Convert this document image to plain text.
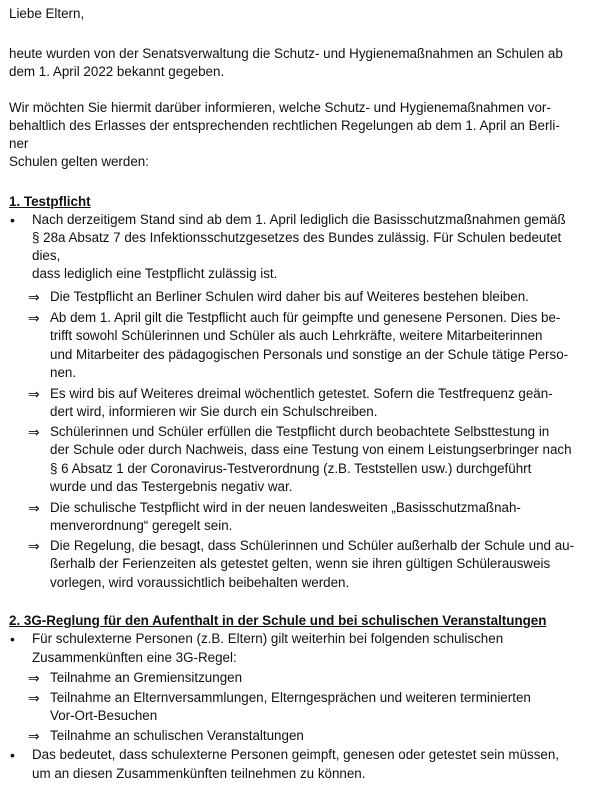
Liebe Eltern,
heute wurden von der Senatsverwaltung die Schutz- und Hygienemaßnahmen an Schulen ab
dem 1. April 2022 bekannt gegeben.
Wir möchten Sie hiermit darüber informieren, welche Schutz- und Hygienemaßnahmen vor-
behaltlich des Erlasses der entsprechenden rechtlichen Regelungen ab dem 1. April an Berli-
ner
Schulen gelten werden:
1. Testpflicht
• Nach derzeitigem Stand sind ab dem 1. April lediglich die Basisschutzmaßnahmen gemäß
§ 28a Absatz 7 des Infektionsschutzgesetzes des Bundes zulässig. Für Schulen bedeutet
dies,
dass lediglich eine Testpflicht zulässig ist.
⇒ Die Testpflicht an Berliner Schulen wird daher bis auf Weiteres bestehen bleiben.
⇒ Ab dem 1. April gilt die Testpflicht auch für geimpfte und genesene Personen. Dies be-
trifft sowohl Schülerinnen und Schüler als auch Lehrkräfte, weitere Mitarbeiterinnen
und Mitarbeiter des pädagogischen Personals und sonstige an der Schule tätige Perso-
nen.
⇒ Es wird bis auf Weiteres dreimal wöchentlich getestet. Sofern die Testfrequenz geän-
dert wird, informieren wir Sie durch ein Schulschreiben.
⇒ Schülerinnen und Schüler erfüllen die Testpflicht durch beobachtete Selbsttestung in
der Schule oder durch Nachweis, dass eine Testung von einem Leistungserbringer nach
§ 6 Absatz 1 der Coronavirus-Testverordnung (z.B. Teststellen usw.) durchgeführt
wurde und das Testergebnis negativ war.
⇒ Die schulische Testpflicht wird in der neuen landesweiten „Basisschutzmaßnah-
menverordnung“ geregelt sein.
⇒ Die Regelung, die besagt, dass Schülerinnen und Schüler außerhalb der Schule und au-
ßerhalb der Ferienzeiten als getestet gelten, wenn sie ihren gültigen Schülerausweis
vorlegen, wird voraussichtlich beibehalten werden.
2. 3G-Reglung für den Aufenthalt in der Schule und bei schulischen Veranstaltungen
• Für schulexterne Personen (z.B. Eltern) gilt weiterhin bei folgenden schulischen
Zusammenkünften eine 3G-Regel:
⇒ Teilnahme an Gremiensitzungen
⇒ Teilnahme an Elternversammlungen, Elterngesprächen und weiteren terminierten
Vor-Ort-Besuchen
⇒ Teilnahme an schulischen Veranstaltungen
• Das bedeutet, dass schulexterne Personen geimpft, genesen oder getestet sein müssen,
um an diesen Zusammenkünften teilnehmen zu können.
